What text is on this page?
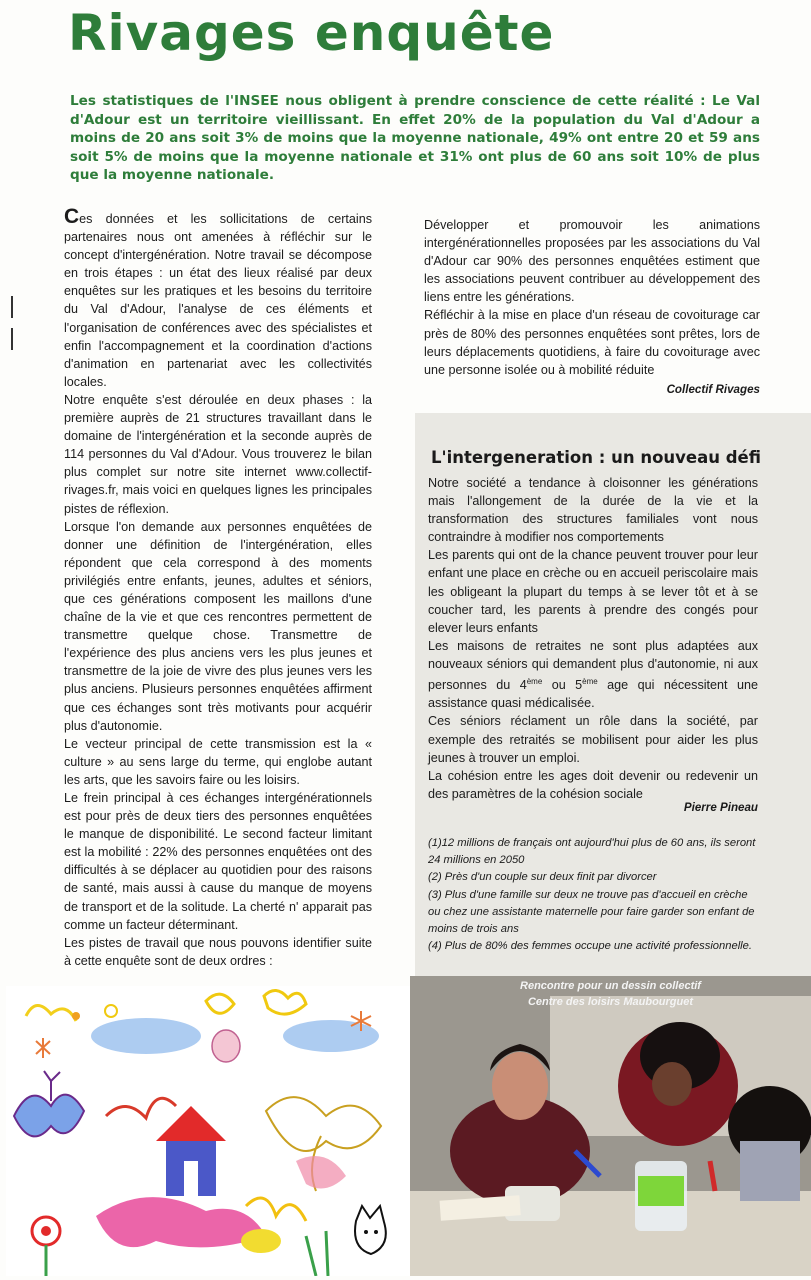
Rivages enquête

Les statistiques de l'INSEE nous obligent à prendre conscience de cette réalité : Le Val d'Adour est un territoire vieillissant. En effet 20% de la population du Val d'Adour a moins de 20 ans soit 3% de moins que la moyenne nationale, 49% ont entre 20 et 59 ans soit 5% de moins que la moyenne nationale et 31% ont plus de 60 ans soit 10% de plus que la moyenne nationale.

Ces données et les sollicitations de certains partenaires nous ont amenées à réfléchir sur le concept d'intergénération. Notre travail se décompose en trois étapes : un état des lieux réalisé par deux enquêtes sur les pratiques et les besoins du territoire du Val d'Adour, l'analyse de ces éléments et l'organisation de conférences avec des spécialistes et enfin l'accompagnement et la coordination d'actions d'animation en partenariat avec les collectivités locales.

Notre enquête s'est déroulée en deux phases : la première auprès de 21 structures travaillant dans le domaine de l'intergénération et la seconde auprès de 114 personnes du Val d'Adour. Vous trouverez le bilan plus complet sur notre site internet www.collectif-rivages.fr, mais voici en quelques lignes les principales pistes de réflexion.

Lorsque l'on demande aux personnes enquêtées de donner une définition de l'intergénération, elles répondent que cela correspond à des moments privilégiés entre enfants, jeunes, adultes et séniors, que ces générations composent les maillons d'une chaîne de la vie et que ces rencontres permettent de transmettre quelque chose. Transmettre de l'expérience des plus anciens vers les plus jeunes et transmettre de la joie de vivre des plus jeunes vers les plus anciens. Plusieurs personnes enquêtées affirment que ces échanges sont très motivants pour acquérir plus d'autonomie.

Le vecteur principal de cette transmission est la « culture » au sens large du terme, qui englobe autant les arts, que les savoirs faire ou les loisirs.

Le frein principal à ces échanges intergénérationnels est pour près de deux tiers des personnes enquêtées le manque de disponibilité. Le second facteur limitant est la mobilité : 22% des personnes enquêtées ont des difficultés à se déplacer au quotidien pour des raisons de santé, mais aussi à cause du manque de moyens de transport et de la solitude. La cherté n' apparait pas comme un facteur déterminant.

Les pistes de travail que nous pouvons identifier suite à cette enquête sont de deux ordres :

Développer et promouvoir les animations intergénérationnelles proposées par les associations du Val d'Adour car 90% des personnes enquêtées estiment que les associations peuvent contribuer au développement des liens entre les générations.

Réfléchir à la mise en place d'un réseau de covoiturage car près de 80% des personnes enquêtées sont prêtes, lors de leurs déplacements quotidiens, à faire du covoiturage avec une personne isolée ou à mobilité réduite

Collectif Rivages

L'intergeneration : un nouveau défi

Notre société a tendance à cloisonner les générations mais l'allongement de la durée de la vie et la transformation des structures familiales vont nous contraindre à modifier nos comportements

Les parents qui ont de la chance peuvent trouver pour leur enfant une place en crèche ou en accueil periscolaire mais les obligeant la plupart du temps à se lever tôt et à se coucher tard, les parents à prendre des congés pour elever leurs enfants

Les maisons de retraites ne sont plus adaptées aux nouveaux séniors qui demandent plus d'autonomie, ni aux personnes du 4ème ou 5ème age qui nécessitent une assistance quasi médicalisée.

Ces séniors réclament un rôle dans la société, par exemple des retraités se mobilisent pour aider les plus jeunes à trouver un emploi.

La cohésion entre les ages doit devenir ou redevenir un des paramètres de la cohésion sociale

Pierre Pineau

(1)12 millions de français ont aujourd'hui plus de 60 ans, ils seront 24 millions en 2050

(2) Près d'un couple sur deux finit par divorcer

(3) Plus d'une famille sur deux ne trouve pas d'accueil en crèche ou chez une assistante maternelle pour faire garder son enfant de moins de trois ans

(4) Plus de 80% des femmes occupe une activité professionnelle.

Rencontre pour un dessin collectif
Centre des loisirs Maubourguet
